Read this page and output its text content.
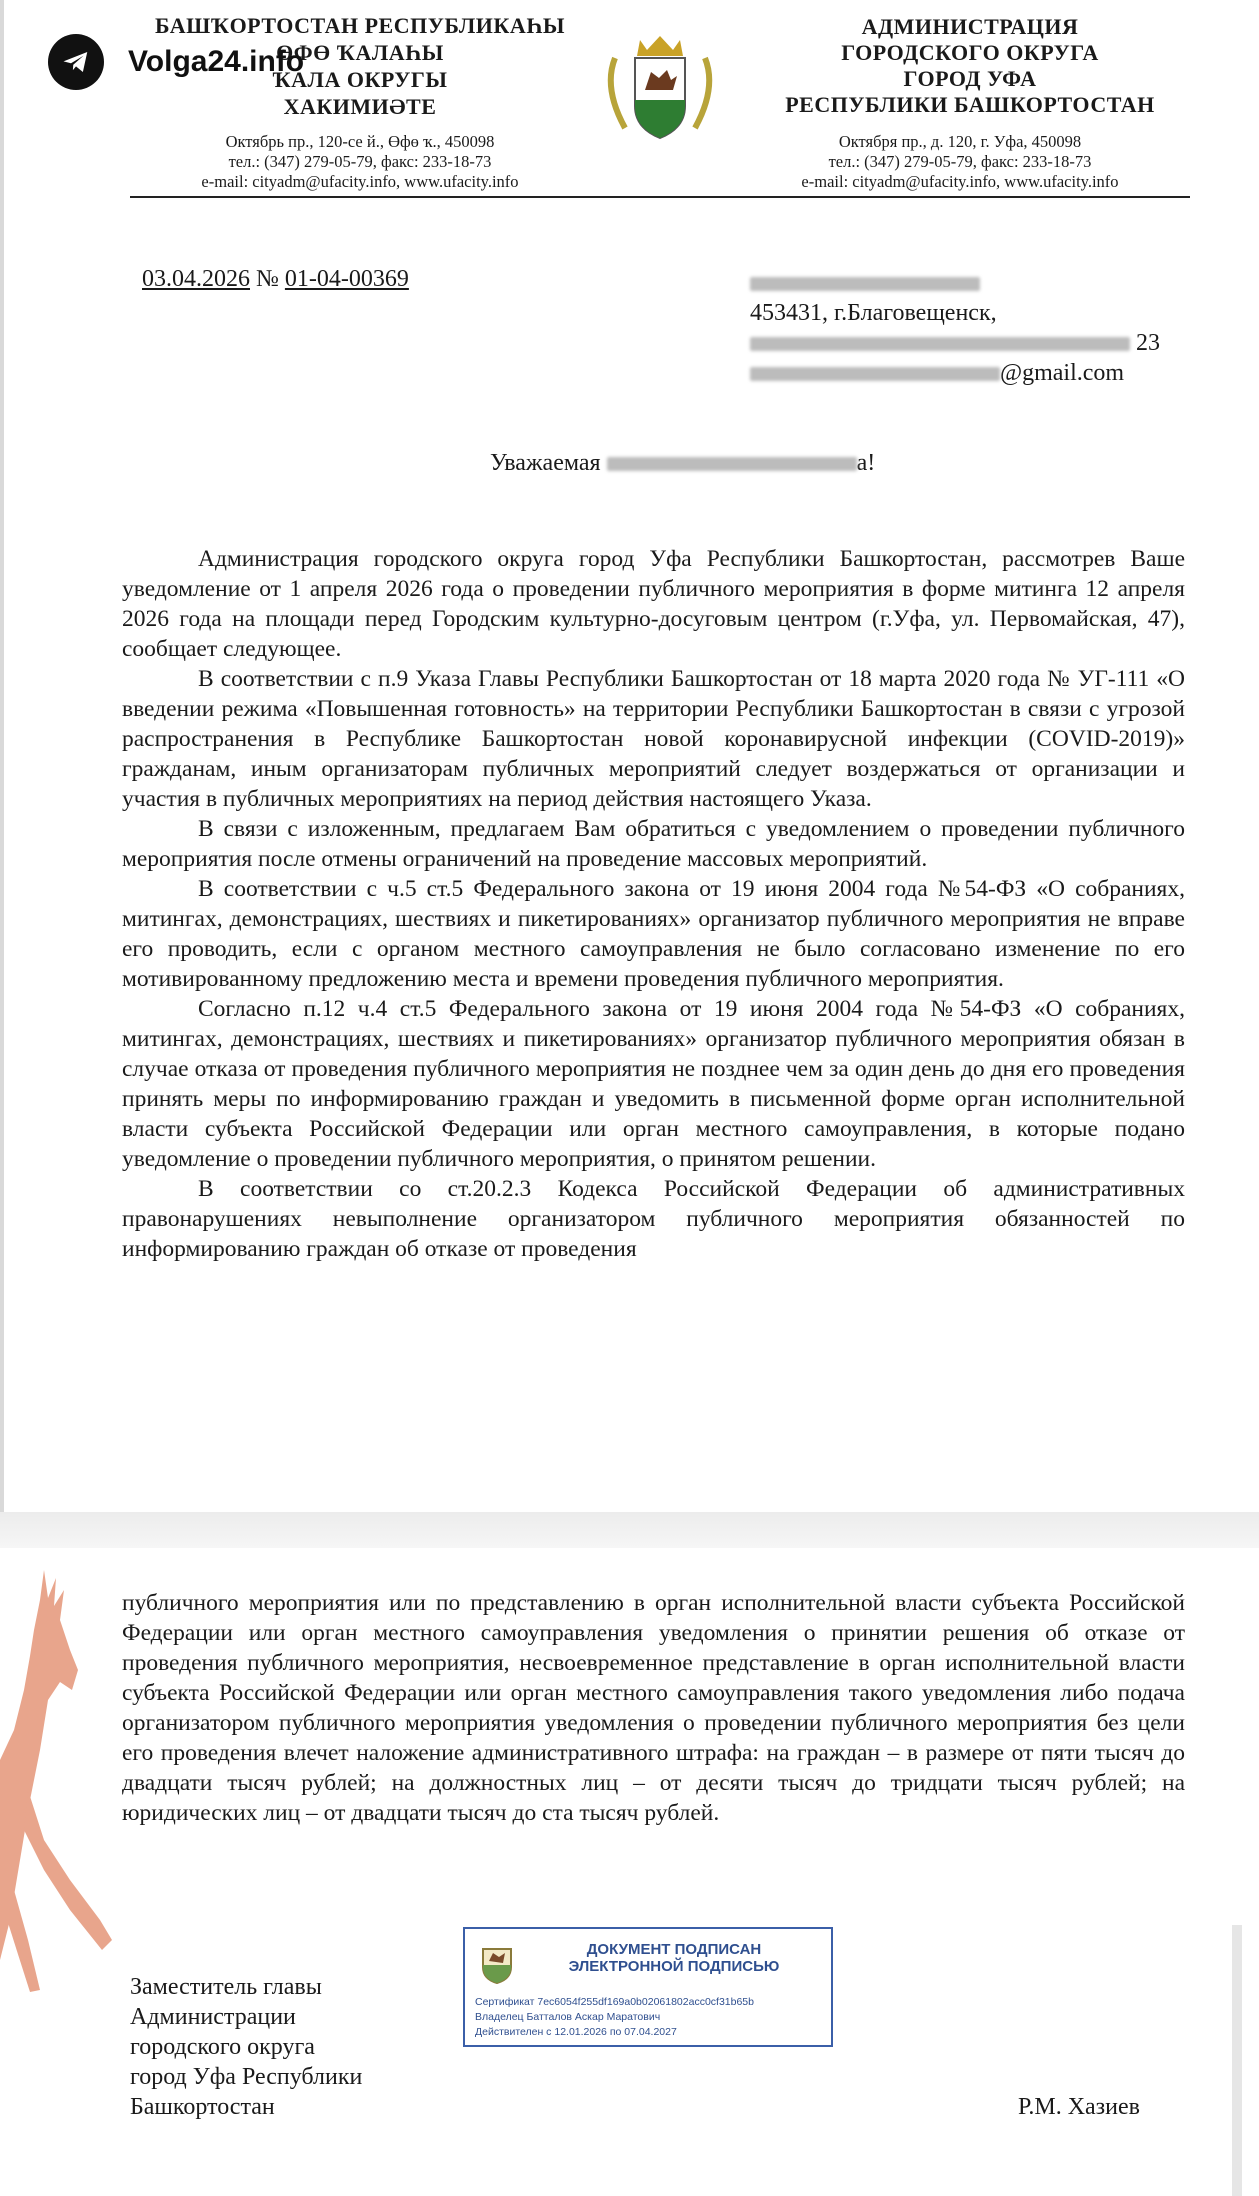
Volga24.info
БАШҠОРТОСТАН РЕСПУБЛИКАҺЫ
ӨФӨ ҠАЛАҺЫ
ҠАЛА ОКРУГЫ
ХАКИМИӘТЕ
АДМИНИСТРАЦИЯ
ГОРОДСКОГО ОКРУГА
ГОРОД УФА
РЕСПУБЛИКИ БАШКОРТОСТАН
Октябрь пр., 120-се й., Өфө ҡ., 450098
тел.: (347) 279-05-79, факс: 233-18-73
e-mail: cityadm@ufacity.info, www.ufacity.info
Октября пр., д. 120, г. Уфа, 450098
тел.: (347) 279-05-79, факс: 233-18-73
e-mail: cityadm@ufacity.info, www.ufacity.info
03.04.2026 № 01-04-00369
453431, г.Благовещенск,
23
@gmail.com
Уважаемая	а!

Администрация городского округа город Уфа Республики Башкортостан, рассмотрев Ваше уведомление от 1 апреля 2026 года о проведении публичного мероприятия в форме митинга 12 апреля 2026 года на площади перед Городским культурно-досуговым центром (г.Уфа, ул. Первомайская, 47), сообщает следующее.

В соответствии с п.9 Указа Главы Республики Башкортостан от 18 марта 2020 года № УГ-111 «О введении режима «Повышенная готовность» на территории Республики Башкортостан в связи с угрозой распространения в Республике Башкортостан новой коронавирусной инфекции (COVID-2019)» гражданам, иным организаторам публичных мероприятий следует воздержаться от организации и участия в публичных мероприятиях на период действия настоящего Указа.

В связи с изложенным, предлагаем Вам обратиться с уведомлением о проведении публичного мероприятия после отмены ограничений на проведение массовых мероприятий.

В соответствии с ч.5 ст.5 Федерального закона от 19 июня 2004 года №54-ФЗ «О собраниях, митингах, демонстрациях, шествиях и пикетированиях» организатор публичного мероприятия не вправе его проводить, если с органом местного самоуправления не было согласовано изменение по его мотивированному предложению места и времени проведения публичного мероприятия.

Согласно п.12 ч.4 ст.5 Федерального закона от 19 июня 2004 года №54-ФЗ «О собраниях, митингах, демонстрациях, шествиях и пикетированиях» организатор публичного мероприятия обязан в случае отказа от проведения публичного мероприятия не позднее чем за один день до дня его проведения принять меры по информированию граждан и уведомить в письменной форме орган исполнительной власти субъекта Российской Федерации или орган местного самоуправления, в которые подано уведомление о проведении публичного мероприятия, о принятом решении.

В соответствии со ст.20.2.3 Кодекса Российской Федерации об административных правонарушениях невыполнение организатором публичного мероприятия обязанностей по информированию граждан об отказе от проведения

публичного мероприятия или по представлению в орган исполнительной власти субъекта Российской Федерации или орган местного самоуправления уведомления о принятии решения об отказе от проведения публичного мероприятия, несвоевременное представление в орган исполнительной власти субъекта Российской Федерации или орган местного самоуправления такого уведомления либо подача организатором публичного мероприятия уведомления о проведении публичного мероприятия без цели его проведения влечет наложение административного штрафа: на граждан – в размере от пяти тысяч до двадцати тысяч рублей; на должностных лиц – от десяти тысяч до тридцати тысяч рублей; на юридических лиц – от двадцати тысяч до ста тысяч рублей.

ДОКУМЕНТ ПОДПИСАН
ЭЛЕКТРОННОЙ ПОДПИСЬЮ
Сертификат 7ec6054f255df169a0b02061802acc0cf31b65b
Владелец Батталов Аскар Маратович
Действителен с 12.01.2026 по 07.04.2027
Заместитель главы
Администрации
городского округа
город Уфа Республики
Башкортостан	Р.М. Хазиев
